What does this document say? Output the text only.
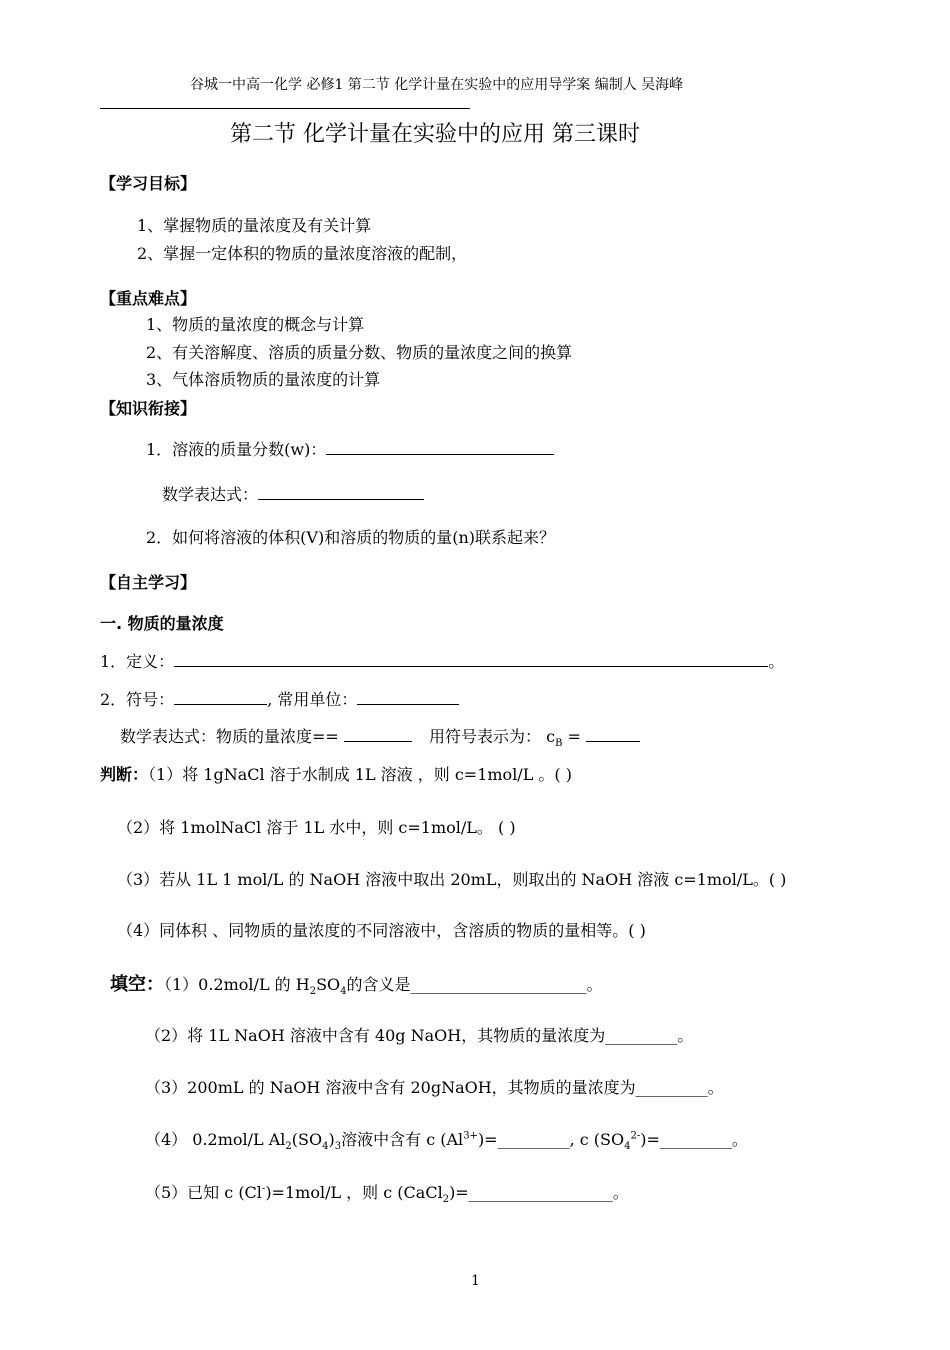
谷城一中高一化学 必修1 第二节 化学计量在实验中的应用导学案 编制人 吴海峰
第二节 化学计量在实验中的应用 第三课时
【学习目标】
1、掌握物质的量浓度及有关计算
2、掌握一定体积的物质的量浓度溶液的配制，
【重点难点】
1、物质的量浓度的概念与计算
2、有关溶解度、溶质的质量分数、物质的量浓度之间的换算
3、气体溶质物质的量浓度的计算
【知识衔接】
1．溶液的质量分数(w)：
数学表达式：
2．如何将溶液的体积(V)和溶质的物质的量(n)联系起来？
【自主学习】
一. 物质的量浓度
1．定义：	。
2．符号：	, 常用单位：
数学表达式：物质的量浓度==	用符号表示为： $c_B$ =
判断：（1）将 1gNaCl 溶于水制成 1L 溶液 ，则 c=1mol/L 。( )
（2）将 1molNaCl 溶于 1L 水中，则 c=1mol/L。 ( )
（3）若从 1L 1 mol/L 的 NaOH 溶液中取出 20mL，则取出的 NaOH 溶液 c=1mol/L。( )
（4）同体积 、同物质的量浓度的不同溶液中，含溶质的物质的量相等。( )
填空：（1）0.2mol/L 的 $H_2SO_4$的含义是______________________。
（2）将 1L NaOH 溶液中含有 40g NaOH，其物质的量浓度为_________。
（3）200mL 的 NaOH 溶液中含有 20gNaOH，其物质的量浓度为_________。
（4） 0.2mol/L $Al_2(SO_4)_3$溶液中含有 c $(Al^{3+})=\_\_\_\_\_\_\_\_\_$, c $(SO_4^{2-})=\_\_\_\_\_\_\_\_\_$。
（5）已知 c (Cl-)=1mol/L ，则 c (CaCl$_2$)=__________________。
1
